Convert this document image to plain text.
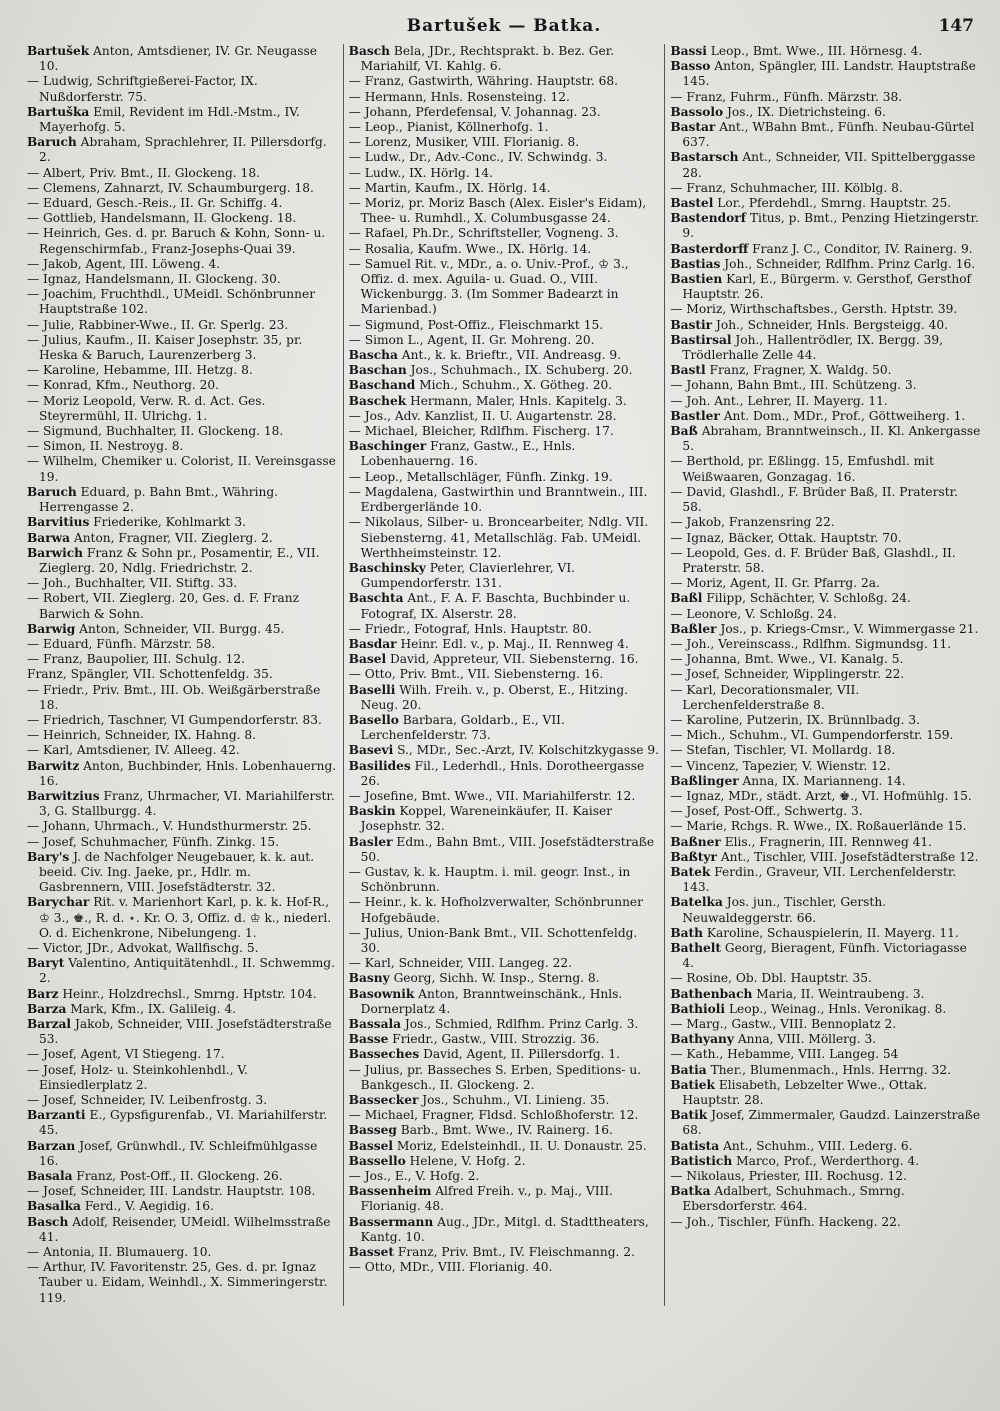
Bartušek — Batka.	147

Bartušek Anton, Amtsdiener, IV. Gr. Neugasse 10.

— Ludwig, Schriftgießerei-Factor, IX. Nußdorferstr. 75.

Bartuška Emil, Revident im Hdl.-Mstm., IV. Mayerhofg. 5.

Baruch Abraham, Sprachlehrer, II. Pillersdorfg. 2.

— Albert, Priv. Bmt., II. Glockeng. 18.

— Clemens, Zahnarzt, IV. Schaumburgerg. 18.

— Eduard, Gesch.-Reis., II. Gr. Schiffg. 4.

— Gottlieb, Handelsmann, II. Glockeng. 18.

— Heinrich, Ges. d. pr. Baruch & Kohn, Sonn- u. Regenschirmfab., Franz-Josephs-Quai 39.

— Jakob, Agent, III. Löweng. 4.

— Ignaz, Handelsmann, II. Glockeng. 30.

— Joachim, Fruchthdl., UMeidl. Schönbrunner Hauptstraße 102.

— Julie, Rabbiner-Wwe., II. Gr. Sperlg. 23.

— Julius, Kaufm., II. Kaiser Josephstr. 35, pr. Heska & Baruch, Laurenzerberg 3.

— Karoline, Hebamme, III. Hetzg. 8.

— Konrad, Kfm., Neuthorg. 20.

— Moriz Leopold, Verw. R. d. Act. Ges. Steyrermühl, II. Ulrichg. 1.

— Sigmund, Buchhalter, II. Glockeng. 18.

— Simon, II. Nestroyg. 8.

— Wilhelm, Chemiker u. Colorist, II. Vereinsgasse 19.

Baruch Eduard, p. Bahn Bmt., Währing. Herrengasse 2.

Barvitius Friederike, Kohlmarkt 3.

Barwa Anton, Fragner, VII. Zieglerg. 2.

Barwich Franz & Sohn pr., Posamentir, E., VII. Zieglerg. 20, Ndlg. Friedrichstr. 2.

— Joh., Buchhalter, VII. Stiftg. 33.

— Robert, VII. Zieglerg. 20, Ges. d. F. Franz Barwich & Sohn.

Barwig Anton, Schneider, VII. Burgg. 45.

— Eduard, Fünfh. Märzstr. 58.

— Franz, Baupolier, III. Schulg. 12.

Franz, Spängler, VII. Schottenfeldg. 35.

— Friedr., Priv. Bmt., III. Ob. Weißgärberstraße 18.

— Friedrich, Taschner, VI Gumpendorferstr. 83.

— Heinrich, Schneider, IX. Hahng. 8.

— Karl, Amtsdiener, IV. Alleeg. 42.

Barwitz Anton, Buchbinder, Hnls. Lobenhauerng. 16.

Barwitzius Franz, Uhrmacher, VI. Mariahilferstr. 3, G. Stallburgg. 4.

— Johann, Uhrmach., V. Hundsthurmerstr. 25.

— Josef, Schuhmacher, Fünfh. Zinkg. 15.

Bary's J. de Nachfolger Neugebauer, k. k. aut. beeid. Civ. Ing. Jaeke, pr., Hdlr. m. Gasbrennern, VIII. Josefstädterstr. 32.

Barychar Rit. v. Marienhort Karl, p. k. k. Hof-R., ♔ 3., ♚., R. d. ⋆. Kr. O. 3, Offiz. d. ♔ k., niederl. O. d. Eichenkrone, Nibelungeng. 1.

— Victor, JDr., Advokat, Wallfischg. 5.

Baryt Valentino, Antiquitätenhdl., II. Schwemmg. 2.

Barz Heinr., Holzdrechsl., Smrng. Hptstr. 104.

Barza Mark, Kfm., IX. Galileig. 4.

Barzal Jakob, Schneider, VIII. Josefstädterstraße 53.

— Josef, Agent, VI Stiegeng. 17.

— Josef, Holz- u. Steinkohlenhdl., V. Einsiedlerplatz 2.

— Josef, Schneider, IV. Leibenfrostg. 3.

Barzanti E., Gypsfigurenfab., VI. Mariahilferstr. 45.

Barzan Josef, Grünwhdl., IV. Schleifmühlgasse 16.

Basala Franz, Post-Off., II. Glockeng. 26.

— Josef, Schneider, III. Landstr. Hauptstr. 108.

Basalka Ferd., V. Aegidig. 16.

Basch Adolf, Reisender, UMeidl. Wilhelmsstraße 41.

— Antonia, II. Blumauerg. 10.

— Arthur, IV. Favoritenstr. 25, Ges. d. pr. Ignaz Tauber u. Eidam, Weinhdl., X. Simmeringerstr. 119.

Basch Bela, JDr., Rechtsprakt. b. Bez. Ger. Mariahilf, VI. Kahlg. 6.

— Franz, Gastwirth, Währing. Hauptstr. 68.

— Hermann, Hnls. Rosensteing. 12.

— Johann, Pferdefensal, V. Johannag. 23.

— Leop., Pianist, Köllnerhofg. 1.

— Lorenz, Musiker, VIII. Florianig. 8.

— Ludw., Dr., Adv.-Conc., IV. Schwindg. 3.

— Ludw., IX. Hörlg. 14.

— Martin, Kaufm., IX. Hörlg. 14.

— Moriz, pr. Moriz Basch (Alex. Eisler's Eidam), Thee- u. Rumhdl., X. Columbusgasse 24.

— Rafael, Ph.Dr., Schriftsteller, Vogneng. 3.

— Rosalia, Kaufm. Wwe., IX. Hörlg. 14.

— Samuel Rit. v., MDr., a. o. Univ.-Prof., ♔ 3., Offiz. d. mex. Aguila- u. Guad. O., VIII. Wickenburgg. 3. (Im Sommer Badearzt in Marienbad.)

— Sigmund, Post-Offiz., Fleischmarkt 15.

— Simon L., Agent, II. Gr. Mohreng. 20.

Bascha Ant., k. k. Brieftr., VII. Andreasg. 9.

Baschan Jos., Schuhmach., IX. Schuberg. 20.

Baschand Mich., Schuhm., X. Götheg. 20.

Baschek Hermann, Maler, Hnls. Kapitelg. 3.

— Jos., Adv. Kanzlist, II. U. Augartenstr. 28.

— Michael, Bleicher, Rdlfhm. Fischerg. 17.

Baschinger Franz, Gastw., E., Hnls. Lobenhauerng. 16.

— Leop., Metallschläger, Fünfh. Zinkg. 19.

— Magdalena, Gastwirthin und Branntwein., III. Erdbergerlände 10.

— Nikolaus, Silber- u. Broncearbeiter, Ndlg. VII. Siebensterng. 41, Metallschläg. Fab. UMeidl. Werthheimsteinstr. 12.

Baschinsky Peter, Clavierlehrer, VI. Gumpendorferstr. 131.

Baschta Ant., F. A. F. Baschta, Buchbinder u. Fotograf, IX. Alserstr. 28.

— Friedr., Fotograf, Hnls. Hauptstr. 80.

Basdar Heinr. Edl. v., p. Maj., II. Rennweg 4.

Basel David, Appreteur, VII. Siebensterng. 16.

— Otto, Priv. Bmt., VII. Siebensterng. 16.

Baselli Wilh. Freih. v., p. Oberst, E., Hitzing. Neug. 20.

Basello Barbara, Goldarb., E., VII. Lerchenfelderstr. 73.

Basevi S., MDr., Sec.-Arzt, IV. Kolschitzkygasse 9.

Basilides Fil., Lederhdl., Hnls. Dorotheergasse 26.

— Josefine, Bmt. Wwe., VII. Mariahilferstr. 12.

Baskin Koppel, Wareneinkäufer, II. Kaiser Josephstr. 32.

Basler Edm., Bahn Bmt., VIII. Josefstädterstraße 50.

— Gustav, k. k. Hauptm. i. mil. geogr. Inst., in Schönbrunn.

— Heinr., k. k. Hofholzverwalter, Schönbrunner Hofgebäude.

— Julius, Union-Bank Bmt., VII. Schottenfeldg. 30.

— Karl, Schneider, VIII. Langeg. 22.

Basny Georg, Sichh. W. Insp., Sterng. 8.

Basownik Anton, Branntweinschänk., Hnls. Dornerplatz 4.

Bassala Jos., Schmied, Rdlfhm. Prinz Carlg. 3.

Basse Friedr., Gastw., VIII. Strozzig. 36.

Basseches David, Agent, II. Pillersdorfg. 1.

— Julius, pr. Basseches S. Erben, Speditions- u. Bankgesch., II. Glockeng. 2.

Bassecker Jos., Schuhm., VI. Linieng. 35.

— Michael, Fragner, Fldsd. Schloßhoferstr. 12.

Basseg Barb., Bmt. Wwe., IV. Rainerg. 16.

Bassel Moriz, Edelsteinhdl., II. U. Donaustr. 25.

Bassello Helene, V. Hofg. 2.

— Jos., E., V. Hofg. 2.

Bassenheim Alfred Freih. v., p. Maj., VIII. Florianig. 48.

Bassermann Aug., JDr., Mitgl. d. Stadttheaters, Kantg. 10.

Basset Franz, Priv. Bmt., IV. Fleischmanng. 2.

— Otto, MDr., VIII. Florianig. 40.

Bassi Leop., Bmt. Wwe., III. Hörnesg. 4.

Basso Anton, Spängler, III. Landstr. Hauptstraße 145.

— Franz, Fuhrm., Fünfh. Märzstr. 38.

Bassolo Jos., IX. Dietrichsteing. 6.

Bastar Ant., WBahn Bmt., Fünfh. Neubau-Gürtel 637.

Bastarsch Ant., Schneider, VII. Spittelberggasse 28.

— Franz, Schuhmacher, III. Kölblg. 8.

Bastel Lor., Pferdehdl., Smrng. Hauptstr. 25.

Bastendorf Titus, p. Bmt., Penzing Hietzingerstr. 9.

Basterdorff Franz J. C., Conditor, IV. Rainerg. 9.

Bastias Joh., Schneider, Rdlfhm. Prinz Carlg. 16.

Bastien Karl, E., Bürgerm. v. Gersthof, Gersthof Hauptstr. 26.

— Moriz, Wirthschaftsbes., Gersth. Hptstr. 39.

Bastir Joh., Schneider, Hnls. Bergsteigg. 40.

Bastirsal Joh., Hallentrödler, IX. Bergg. 39, Trödlerhalle Zelle 44.

Bastl Franz, Fragner, X. Waldg. 50.

— Johann, Bahn Bmt., III. Schützeng. 3.

— Joh. Ant., Lehrer, II. Mayerg. 11.

Bastler Ant. Dom., MDr., Prof., Göttweiherg. 1.

Baß Abraham, Branntweinsch., II. Kl. Ankergasse 5.

— Berthold, pr. Eßlingg. 15, Emfushdl. mit Weißwaaren, Gonzagag. 16.

— David, Glashdl., F. Brüder Baß, II. Praterstr. 58.

— Jakob, Franzensring 22.

— Ignaz, Bäcker, Ottak. Hauptstr. 70.

— Leopold, Ges. d. F. Brüder Baß, Glashdl., II. Praterstr. 58.

— Moriz, Agent, II. Gr. Pfarrg. 2a.

Baßl Filipp, Schächter, V. Schloßg. 24.

— Leonore, V. Schloßg. 24.

Baßler Jos., p. Kriegs-Cmsr., V. Wimmergasse 21.

— Joh., Vereinscass., Rdlfhm. Sigmundsg. 11.

— Johanna, Bmt. Wwe., VI. Kanalg. 5.

— Josef, Schneider, Wipplingerstr. 22.

— Karl, Decorationsmaler, VII. Lerchenfelderstraße 8.

— Karoline, Putzerin, IX. Brünnlbadg. 3.

— Mich., Schuhm., VI. Gumpendorferstr. 159.

— Stefan, Tischler, VI. Mollardg. 18.

— Vincenz, Tapezier, V. Wienstr. 12.

Baßlinger Anna, IX. Marianneng. 14.

— Ignaz, MDr., städt. Arzt, ♚., VI. Hofmühlg. 15.

— Josef, Post-Off., Schwertg. 3.

— Marie, Rchgs. R. Wwe., IX. Roßauerlände 15.

Baßner Elis., Fragnerin, III. Rennweg 41.

Baßtyr Ant., Tischler, VIII. Josefstädterstraße 12.

Batek Ferdin., Graveur, VII. Lerchenfelderstr. 143.

Batelka Jos. jun., Tischler, Gersth. Neuwaldeggerstr. 66.

Bath Karoline, Schauspielerin, II. Mayerg. 11.

Bathelt Georg, Bieragent, Fünfh. Victoriagasse 4.

— Rosine, Ob. Dbl. Hauptstr. 35.

Bathenbach Maria, II. Weintraubeng. 3.

Bathioli Leop., Weinag., Hnls. Veronikag. 8.

— Marg., Gastw., VIII. Bennoplatz 2.

Bathyany Anna, VIII. Möllerg. 3.

— Kath., Hebamme, VIII. Langeg. 54

Batia Ther., Blumenmach., Hnls. Herrng. 32.

Batiek Elisabeth, Lebzelter Wwe., Ottak. Hauptstr. 28.

Batik Josef, Zimmermaler, Gaudzd. Lainzerstraße 68.

Batista Ant., Schuhm., VIII. Lederg. 6.

Batistich Marco, Prof., Werderthorg. 4.

— Nikolaus, Priester, III. Rochusg. 12.

Batka Adalbert, Schuhmach., Smrng. Ebersdorferstr. 464.

— Joh., Tischler, Fünfh. Hackeng. 22.
